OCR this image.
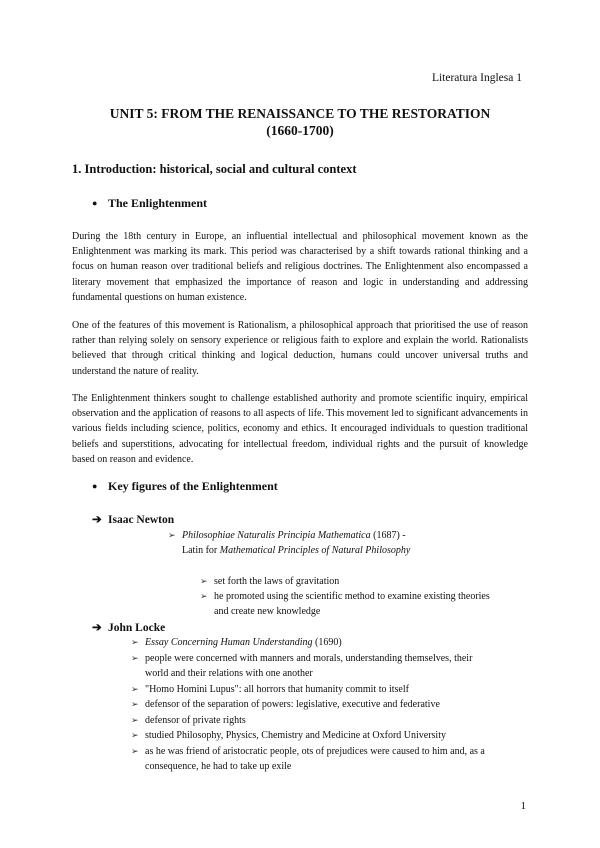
Literatura Inglesa 1
UNIT 5: FROM THE RENAISSANCE TO THE RESTORATION
(1660-1700)
1. Introduction: historical, social and cultural context
● The Enlightenment

During the 18th century in Europe, an influential intellectual and philosophical movement known as the Enlightenment was marking its mark. This period was characterised by a shift towards rational thinking and a focus on human reason over traditional beliefs and religious doctrines. The Enlightenment also encompassed a literary movement that emphasized the importance of reason and logic in understanding and addressing fundamental questions on human existence.

One of the features of this movement is Rationalism, a philosophical approach that prioritised the use of reason rather than relying solely on sensory experience or religious faith to explore and explain the world. Rationalists believed that through critical thinking and logical deduction, humans could uncover universal truths and understand the nature of reality.

The Enlightenment thinkers sought to challenge established authority and promote scientific inquiry, empirical observation and the application of reasons to all aspects of life. This movement led to significant advancements in various fields including science, politics, economy and ethics. It encouraged individuals to question traditional beliefs and superstitions, advocating for intellectual freedom, individual rights and the pursuit of knowledge based on reason and evidence.

● Key figures of the Enlightenment
➔ Isaac Newton
➢ Philosophiae Naturalis Principia Mathematica (1687) -
Latin for Mathematical Principles of Natural Philosophy
➢ set forth the laws of gravitation
➢ he promoted using the scientific method to examine existing theories
and create new knowledge
➔ John Locke
➢ Essay Concerning Human Understanding (1690)
➢ people were concerned with manners and morals, understanding themselves, their
world and their relations with one another
➢ "Homo Homini Lupus": all horrors that humanity commit to itself
➢ defensor of the separation of powers: legislative, executive and federative
➢ defensor of private rights
➢ studied Philosophy, Physics, Chemistry and Medicine at Oxford University
➢ as he was friend of aristocratic people, ots of prejudices were caused to him and, as a
consequence, he had to take up exile
1
